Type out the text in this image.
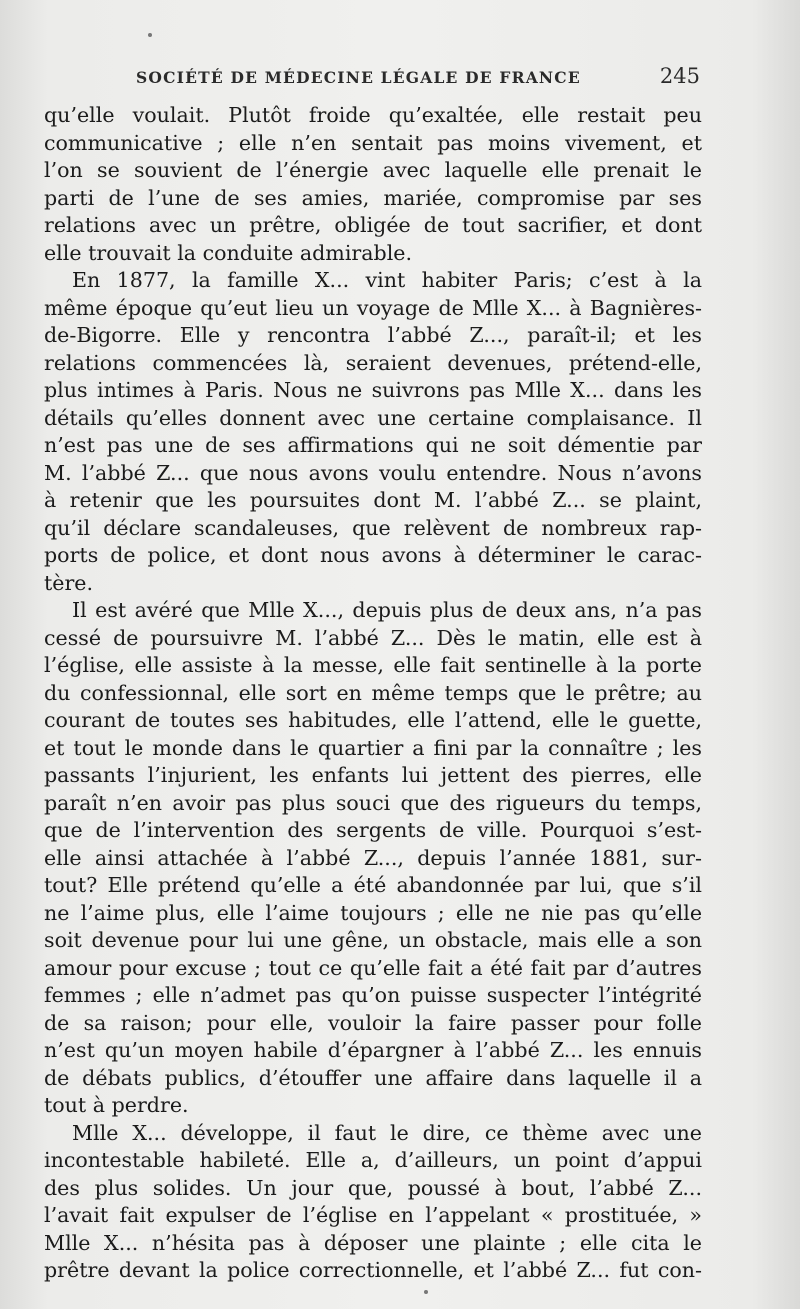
SOCIÉTÉ DE MÉDECINE LÉGALE DE FRANCE	245
qu’elle voulait. Plutôt froide qu’exaltée, elle restait peu
communicative ; elle n’en sentait pas moins vivement, et
l’on se souvient de l’énergie avec laquelle elle prenait le
parti de l’une de ses amies, mariée, compromise par ses
relations avec un prêtre, obligée de tout sacrifier, et dont
elle trouvait la conduite admirable.
En 1877, la famille X... vint habiter Paris; c’est à la
même époque qu’eut lieu un voyage de Mlle X... à Bagnières-
de-Bigorre. Elle y rencontra l’abbé Z..., paraît-il; et les
relations commencées là, seraient devenues, prétend-elle,
plus intimes à Paris. Nous ne suivrons pas Mlle X... dans les
détails qu’elles donnent avec une certaine complaisance. Il
n’est pas une de ses affirmations qui ne soit démentie par
M. l’abbé Z... que nous avons voulu entendre. Nous n’avons
à retenir que les poursuites dont M. l’abbé Z... se plaint,
qu’il déclare scandaleuses, que relèvent de nombreux rap-
ports de police, et dont nous avons à déterminer le carac-
tère.
Il est avéré que Mlle X..., depuis plus de deux ans, n’a pas
cessé de poursuivre M. l’abbé Z... Dès le matin, elle est à
l’église, elle assiste à la messe, elle fait sentinelle à la porte
du confessionnal, elle sort en même temps que le prêtre; au
courant de toutes ses habitudes, elle l’attend, elle le guette,
et tout le monde dans le quartier a fini par la connaître ; les
passants l’injurient, les enfants lui jettent des pierres, elle
paraît n’en avoir pas plus souci que des rigueurs du temps,
que de l’intervention des sergents de ville. Pourquoi s’est-
elle ainsi attachée à l’abbé Z..., depuis l’année 1881, sur-
tout? Elle prétend qu’elle a été abandonnée par lui, que s’il
ne l’aime plus, elle l’aime toujours ; elle ne nie pas qu’elle
soit devenue pour lui une gêne, un obstacle, mais elle a son
amour pour excuse ; tout ce qu’elle fait a été fait par d’autres
femmes ; elle n’admet pas qu’on puisse suspecter l’intégrité
de sa raison; pour elle, vouloir la faire passer pour folle
n’est qu’un moyen habile d’épargner à l’abbé Z... les ennuis
de débats publics, d’étouffer une affaire dans laquelle il a
tout à perdre.
Mlle X... développe, il faut le dire, ce thème avec une
incontestable habileté. Elle a, d’ailleurs, un point d’appui
des plus solides. Un jour que, poussé à bout, l’abbé Z...
l’avait fait expulser de l’église en l’appelant « prostituée, »
Mlle X... n’hésita pas à déposer une plainte ; elle cita le
prêtre devant la police correctionnelle, et l’abbé Z... fut con-
